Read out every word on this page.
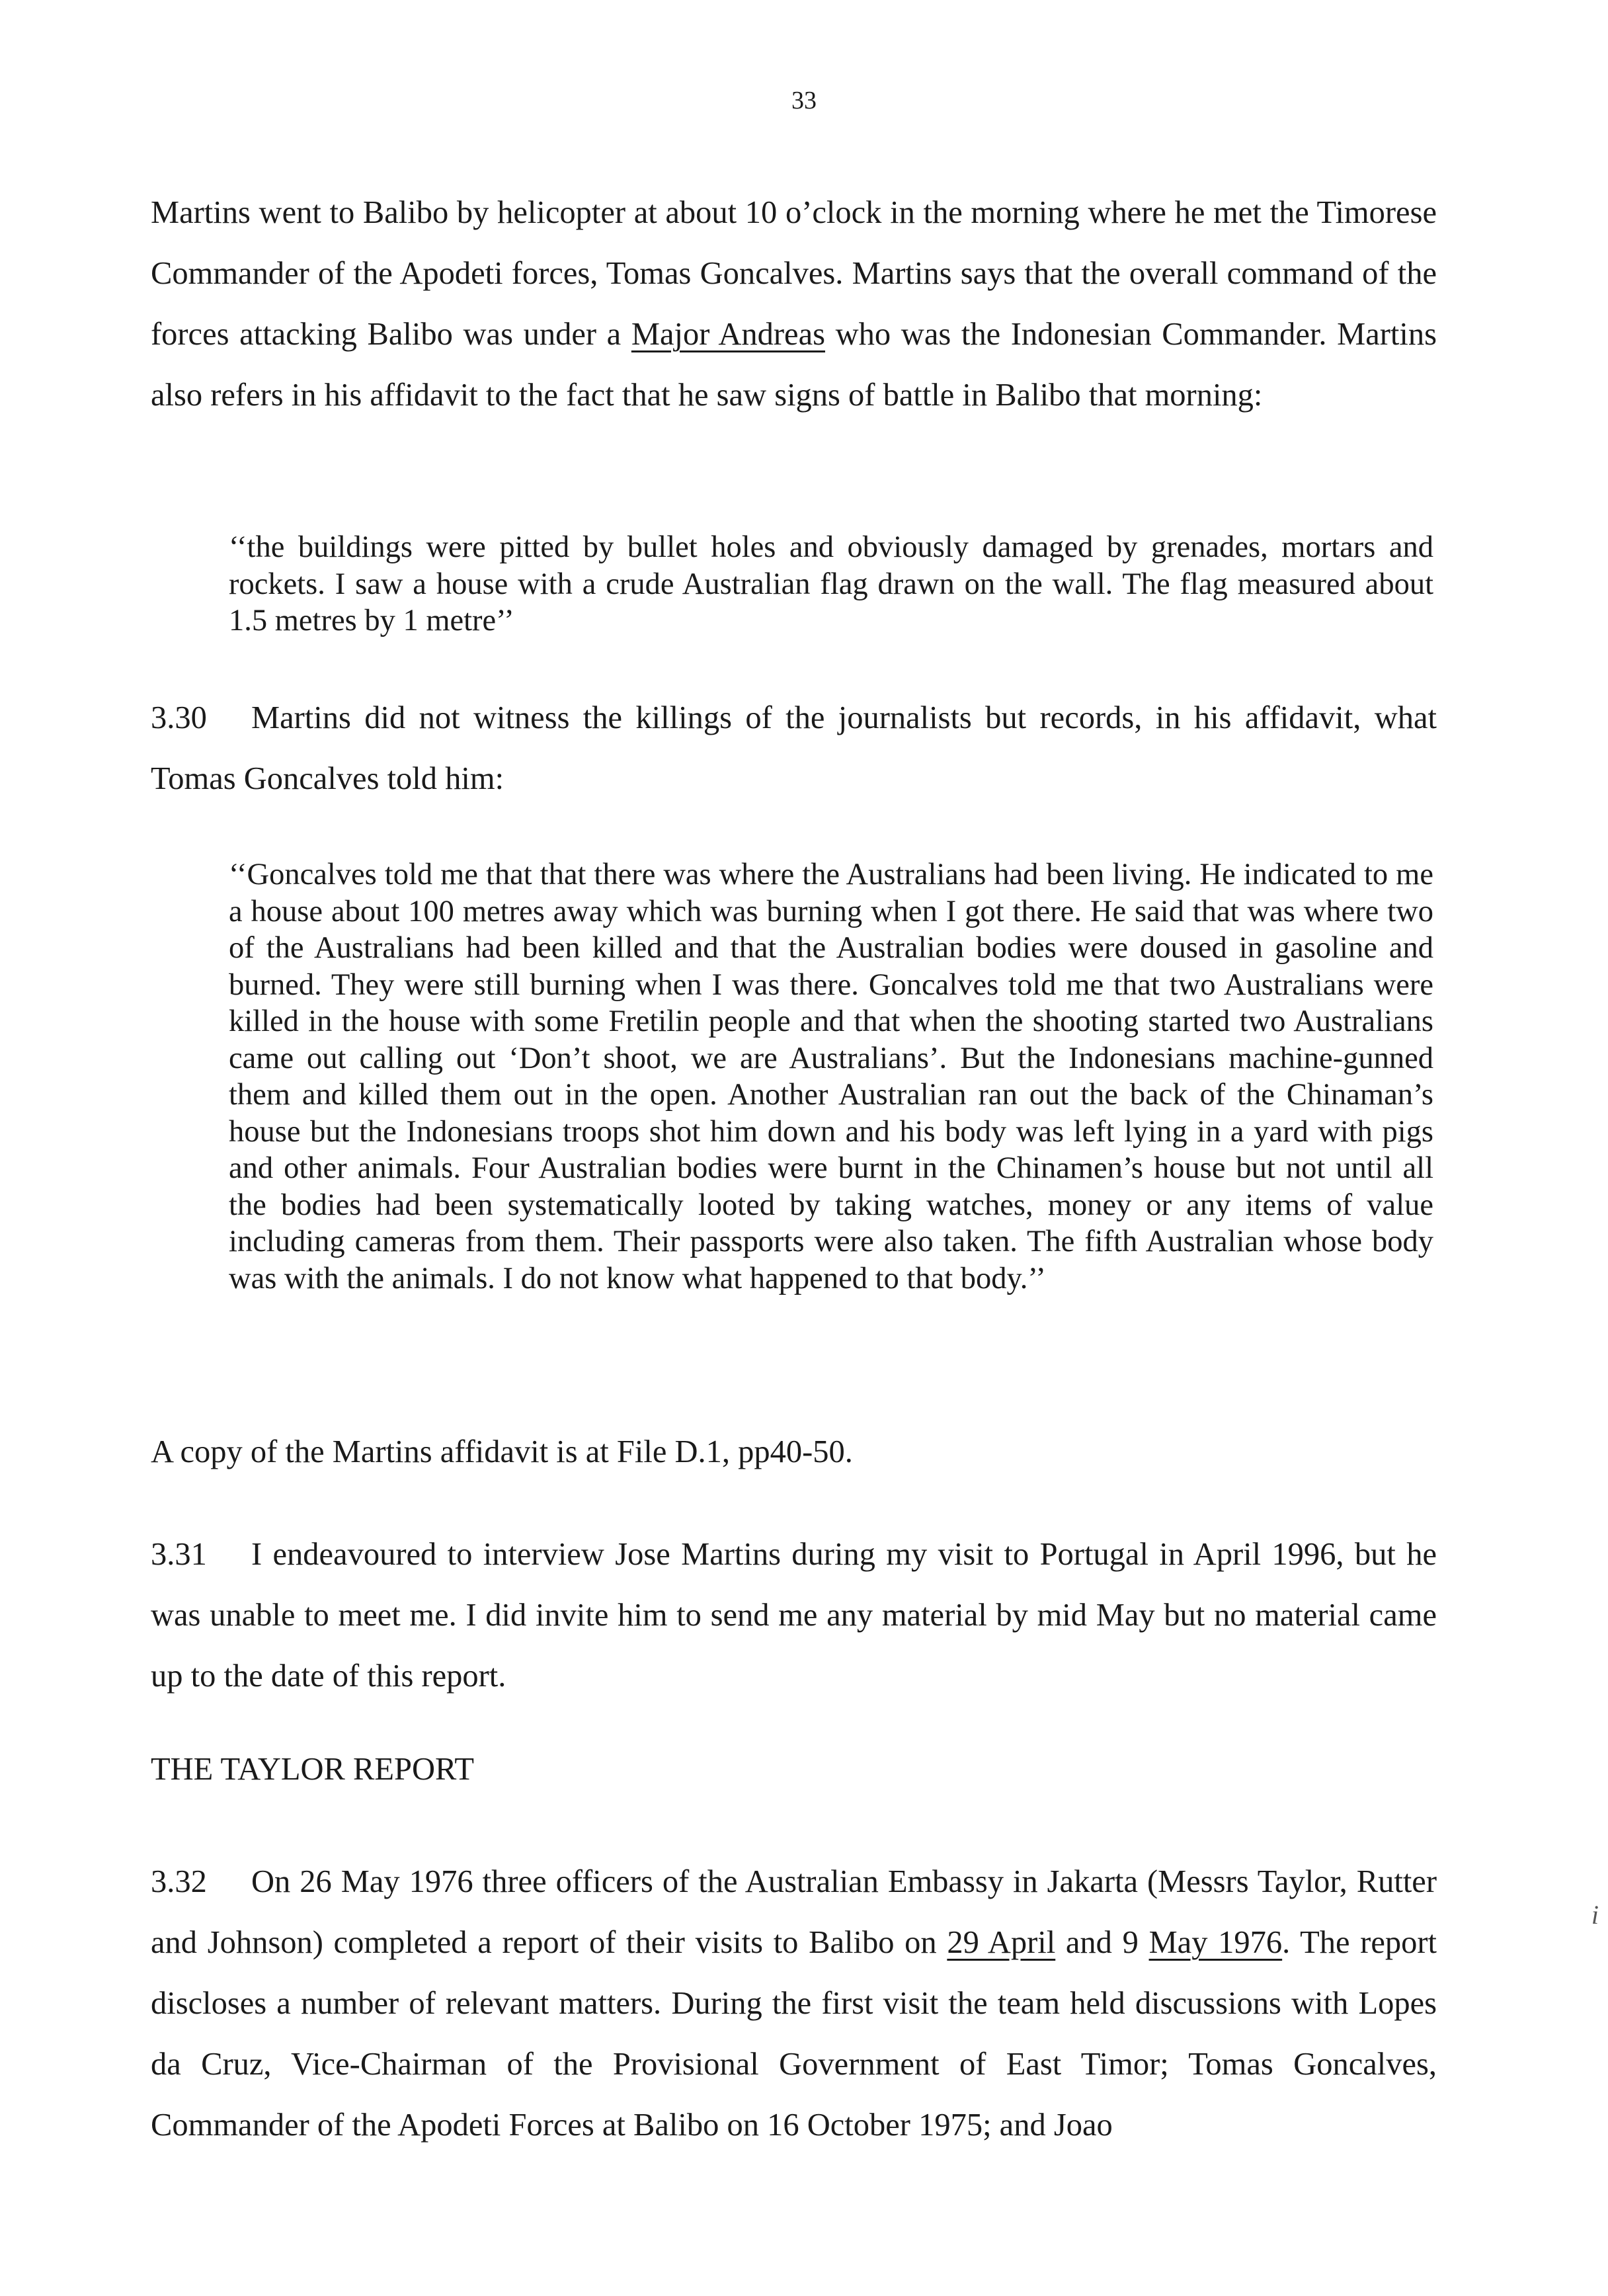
33

Martins went to Balibo by helicopter at about 10 o’clock in the morning where he met the Timorese Commander of the Apodeti forces, Tomas Goncalves. Martins says that the overall command of the forces attacking Balibo was under a Major Andreas who was the Indonesian Commander. Martins also refers in his affidavit to the fact that he saw signs of battle in Balibo that morning:

‘‘the buildings were pitted by bullet holes and obviously damaged by grenades, mortars and rockets. I saw a house with a crude Australian flag drawn on the wall. The flag measured about 1.5 metres by 1 metre’’

3.30 Martins did not witness the killings of the journalists but records, in his affidavit, what Tomas Goncalves told him:

‘‘Goncalves told me that that there was where the Australians had been living. He indicated to me a house about 100 metres away which was burning when I got there. He said that was where two of the Australians had been killed and that the Australian bodies were doused in gasoline and burned. They were still burning when I was there. Goncalves told me that two Australians were killed in the house with some Fretilin people and that when the shooting started two Australians came out calling out ‘Don’t shoot, we are Australians’. But the Indonesians machine-gunned them and killed them out in the open. Another Australian ran out the back of the Chinaman’s house but the Indonesians troops shot him down and his body was left lying in a yard with pigs and other animals. Four Australian bodies were burnt in the Chinamen’s house but not until all the bodies had been systematically looted by taking watches, money or any items of value including cameras from them. Their passports were also taken. The fifth Australian whose body was with the animals. I do not know what happened to that body.’’

A copy of the Martins affidavit is at File D.1, pp40-50.

3.31 I endeavoured to interview Jose Martins during my visit to Portugal in April 1996, but he was unable to meet me. I did invite him to send me any material by mid May but no material came up to the date of this report.

THE TAYLOR REPORT

3.32 On 26 May 1976 three officers of the Australian Embassy in Jakarta (Messrs Taylor, Rutter and Johnson) completed a report of their visits to Balibo on 29 April and 9 May 1976. The report discloses a number of relevant matters. During the first visit the team held discussions with Lopes da Cruz, Vice-Chairman of the Provisional Government of East Timor; Tomas Goncalves, Commander of the Apodeti Forces at Balibo on 16 October 1975; and Joao

i
